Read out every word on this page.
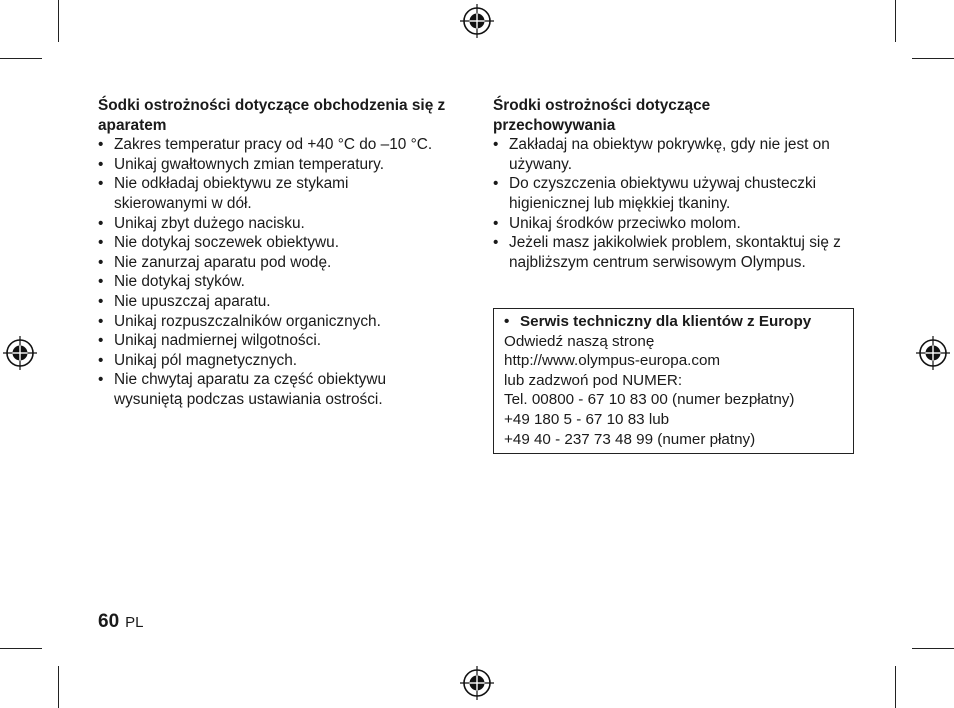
Śodki ostrożności dotyczące obchodzenia się z aparatem
• Zakres temperatur pracy od +40 °C do –10 °C.
• Unikaj gwałtownych zmian temperatury.
• Nie odkładaj obiektywu ze stykami skierowanymi w dół.
• Unikaj zbyt dużego nacisku.
• Nie dotykaj soczewek obiektywu.
• Nie zanurzaj aparatu pod wodę.
• Nie dotykaj styków.
• Nie upuszczaj aparatu.
• Unikaj rozpuszczalników organicznych.
• Unikaj nadmiernej wilgotności.
• Unikaj pól magnetycznych.
• Nie chwytaj aparatu za część obiektywu wysuniętą podczas ustawiania ostrości.
Środki ostrożności dotyczące przechowywania
• Zakładaj na obiektyw pokrywkę, gdy nie jest on używany.
• Do czyszczenia obiektywu używaj chusteczki higienicznej lub miękkiej tkaniny.
• Unikaj środków przeciwko molom.
• Jeżeli masz jakikolwiek problem, skontaktuj się z najbliższym centrum serwisowym Olympus.
• Serwis techniczny dla klientów z Europy
Odwiedź naszą stronę
http://www.olympus-europa.com
lub zadzwoń pod NUMER:
Tel. 00800 - 67 10 83 00 (numer bezpłatny)
+49 180 5 - 67 10 83 lub
+49 40 - 237 73 48 99 (numer płatny)
60 PL
